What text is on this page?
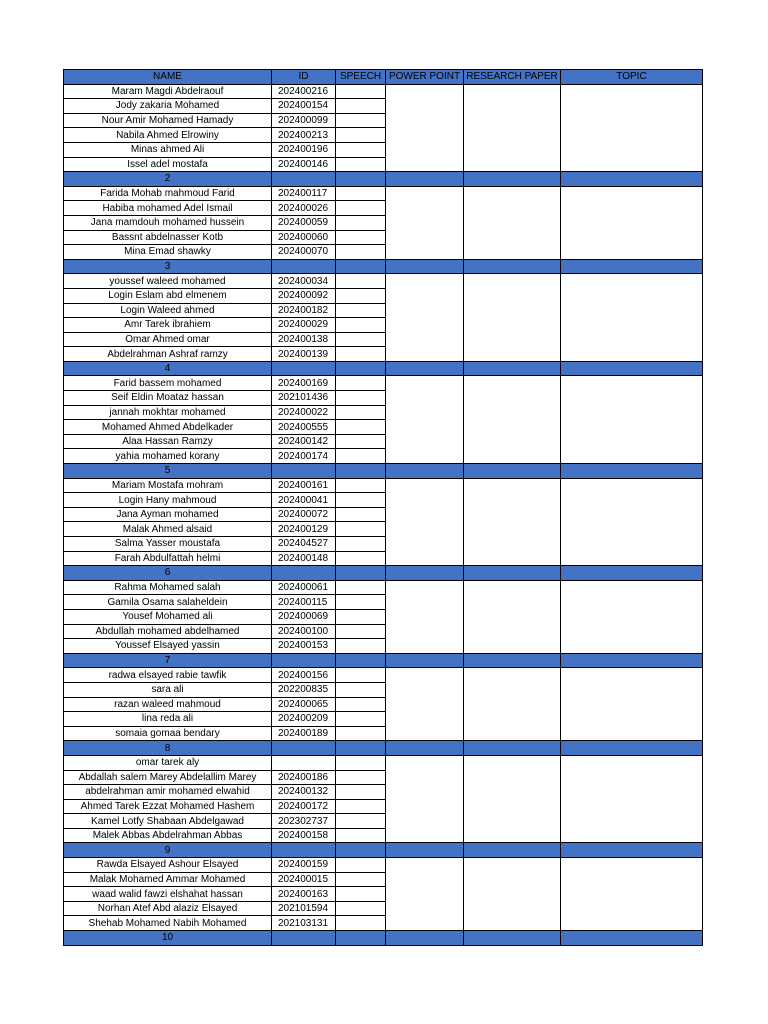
NAME	ID	SPEECH	POWER POINT	RESEARCH PAPER	TOPIC
Maram Magdi Abdelraouf	202400216				
Jody zakaria Mohamed	202400154				
Nour Amir Mohamed Hamady	202400099				
Nabila Ahmed Elrowiny	202400213				
Minas ahmed Ali	202400196				
Issel adel mostafa	202400146				
2					
Farida Mohab mahmoud Farid	202400117				
Habiba mohamed Adel Ismail	202400026				
Jana mamdouh mohamed hussein	202400059				
Bassnt abdelnasser Kotb	202400060				
Mina Emad shawky	202400070				
3					
youssef waleed mohamed	202400034				
Login Eslam abd elmenem	202400092				
Login Waleed ahmed	202400182				
Amr Tarek ibrahiem	202400029				
Omar Ahmed omar	202400138				
Abdelrahman Ashraf ramzy	202400139				
4					
Farid bassem mohamed	202400169				
Seif Eldin Moataz hassan	202101436				
jannah mokhtar mohamed	202400022				
Mohamed Ahmed Abdelkader	202400555				
Alaa Hassan Ramzy	202400142				
yahia mohamed korany	202400174				
5					
Mariam Mostafa mohram	202400161				
Login Hany mahmoud	202400041				
Jana Ayman mohamed	202400072				
Malak Ahmed alsaid	202400129				
Salma Yasser moustafa	202404527				
Farah Abdulfattah helmi	202400148				
6					
Rahma Mohamed salah	202400061				
Gamila Osama salaheldein	202400115				
Yousef Mohamed ali	202400069				
Abdullah mohamed abdelhamed	202400100				
Youssef Elsayed yassin	202400153				
7					
radwa elsayed rabie tawfik	202400156				
sara ali	202200835				
razan waleed mahmoud	202400065				
lina reda ali	202400209				
somaia gomaa bendary	202400189				
8					
omar tarek aly					
Abdallah salem Marey Abdelallim Marey	202400186				
abdelrahman amir mohamed elwahid	202400132				
Ahmed Tarek Ezzat Mohamed Hashem	202400172				
Kamel Lotfy Shabaan Abdelgawad	202302737				
Malek Abbas Abdelrahman Abbas	202400158				
9					
Rawda Elsayed Ashour Elsayed	202400159				
Malak Mohamed Ammar Mohamed	202400015				
waad walid fawzi elshahat hassan	202400163				
Norhan Atef Abd alaziz Elsayed	202101594				
Shehab Mohamed Nabih Mohamed	202103131				
10					
